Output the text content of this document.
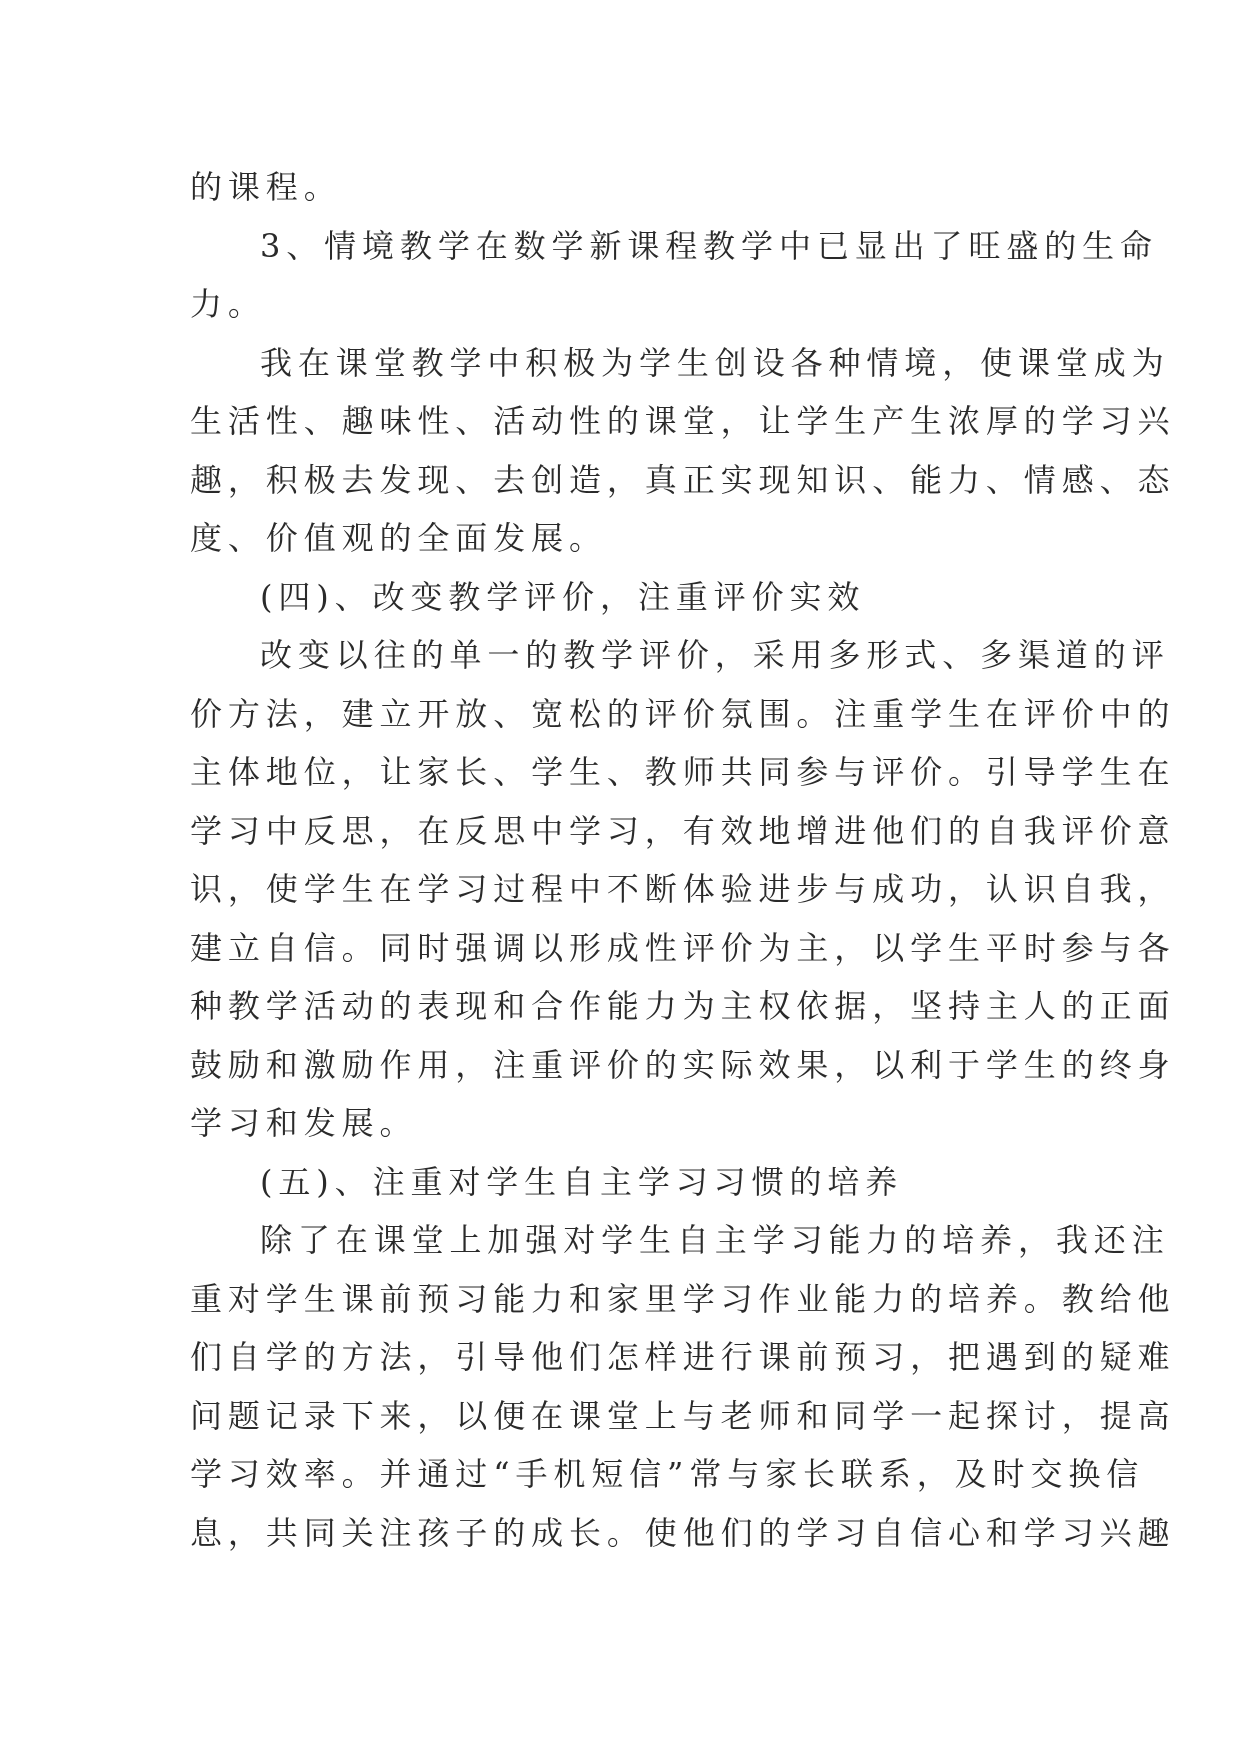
的课程。
3、情境教学在数学新课程教学中已显出了旺盛的生命
力。
我在课堂教学中积极为学生创设各种情境，使课堂成为
生活性、趣味性、活动性的课堂，让学生产生浓厚的学习兴
趣，积极去发现、去创造，真正实现知识、能力、情感、态
度、价值观的全面发展。
(四)、改变教学评价，注重评价实效
改变以往的单一的教学评价，采用多形式、多渠道的评
价方法，建立开放、宽松的评价氛围。注重学生在评价中的
主体地位，让家长、学生、教师共同参与评价。引导学生在
学习中反思，在反思中学习，有效地增进他们的自我评价意
识，使学生在学习过程中不断体验进步与成功，认识自我，
建立自信。同时强调以形成性评价为主，以学生平时参与各
种教学活动的表现和合作能力为主权依据，坚持主人的正面
鼓励和激励作用，注重评价的实际效果，以利于学生的终身
学习和发展。
(五)、注重对学生自主学习习惯的培养
除了在课堂上加强对学生自主学习能力的培养，我还注
重对学生课前预习能力和家里学习作业能力的培养。教给他
们自学的方法，引导他们怎样进行课前预习，把遇到的疑难
问题记录下来，以便在课堂上与老师和同学一起探讨，提高
学习效率。并通过“手机短信”常与家长联系，及时交换信
息，共同关注孩子的成长。使他们的学习自信心和学习兴趣
